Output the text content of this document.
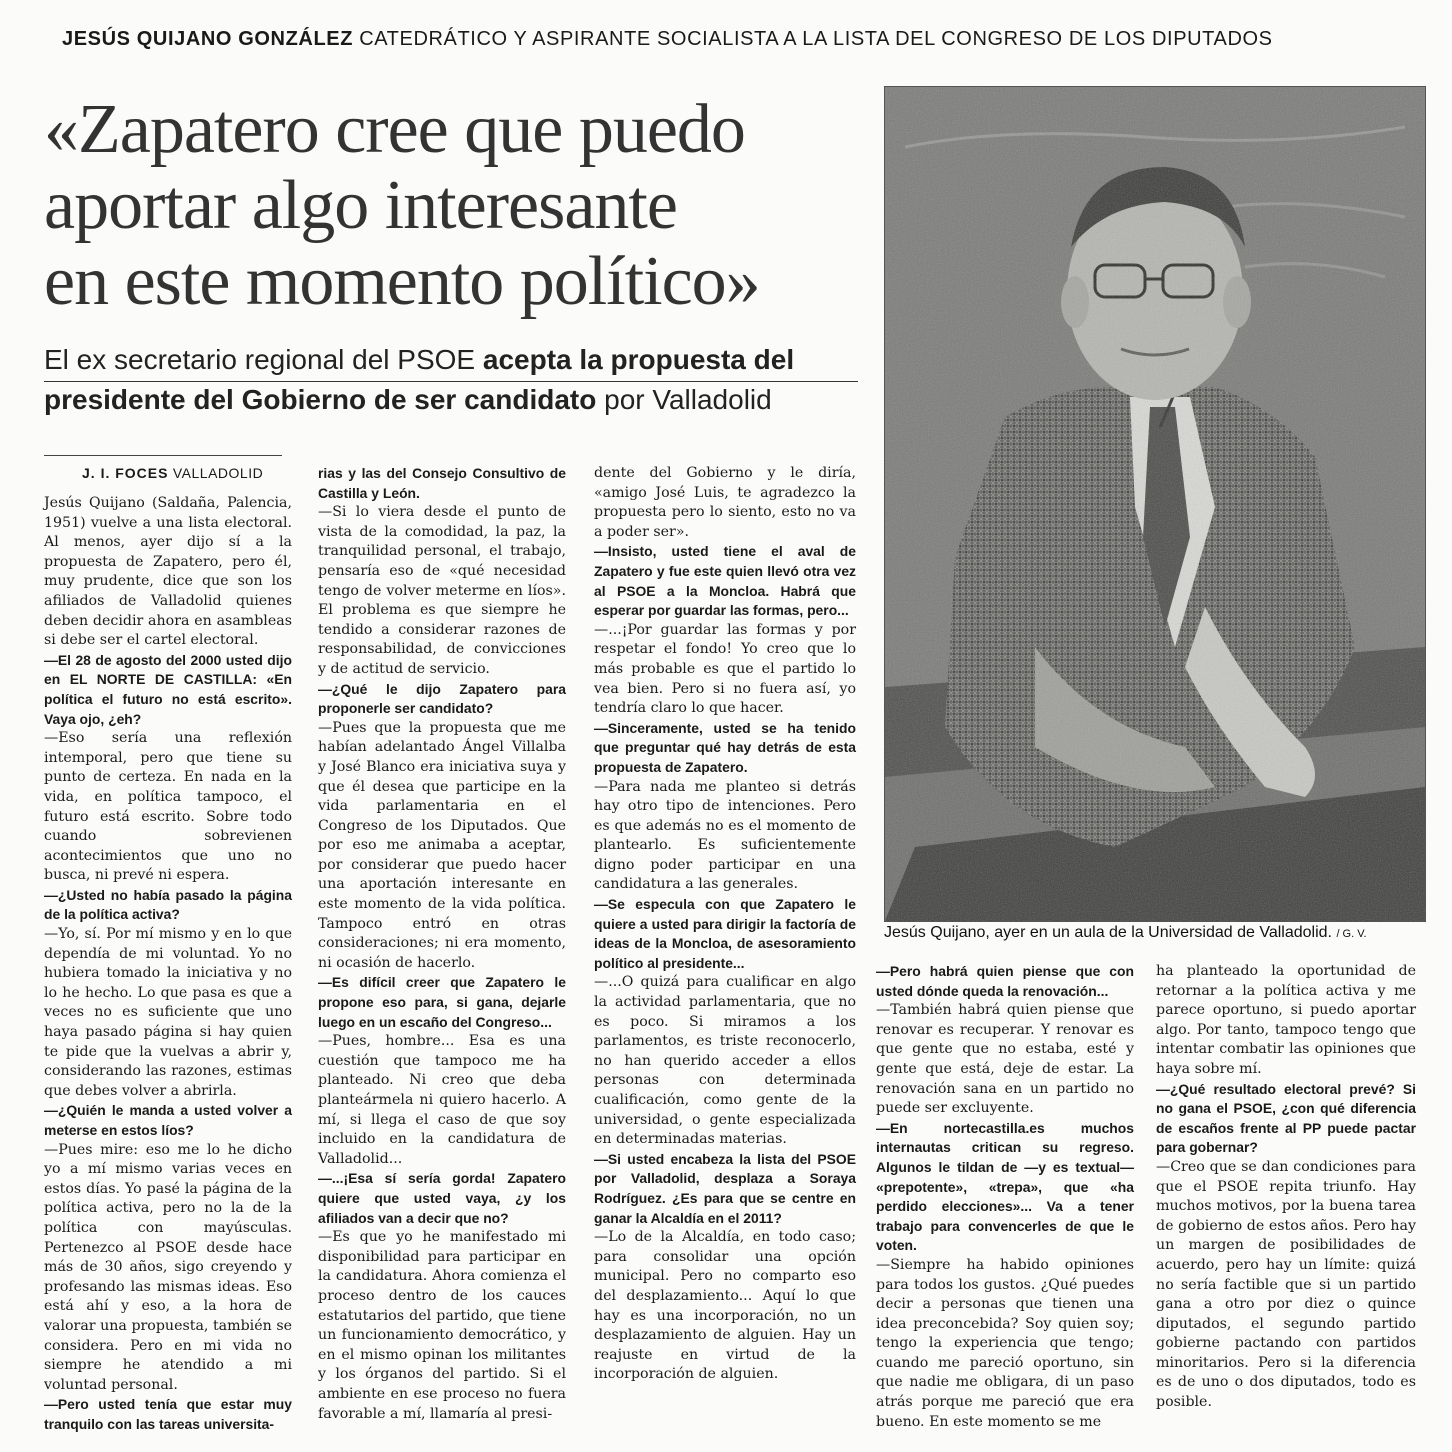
JESÚS QUIJANO GONZÁLEZ CATEDRÁTICO Y ASPIRANTE SOCIALISTA A LA LISTA DEL CONGRESO DE LOS DIPUTADOS
«Zapatero cree que puedo
aportar algo interesante
en este momento político»
El ex secretario regional del PSOE acepta la propuesta del presidente del Gobierno de ser candidato por Valladolid
J. I. FOCES VALLADOLID

Jesús Quijano (Saldaña, Palencia, 1951) vuelve a una lista electoral. Al menos, ayer dijo sí a la propuesta de Zapatero, pero él, muy prudente, dice que son los afiliados de Valladolid quienes deben decidir ahora en asambleas si debe ser el cartel electoral.

—El 28 de agosto del 2000 usted dijo en EL NORTE DE CASTILLA: «En política el futuro no está escrito». Vaya ojo, ¿eh?

—Eso sería una reflexión intemporal, pero que tiene su punto de certeza. En nada en la vida, en política tampoco, el futuro está escrito. Sobre todo cuando sobrevienen acontecimientos que uno no busca, ni prevé ni espera.

—¿Usted no había pasado la página de la política activa?

—Yo, sí. Por mí mismo y en lo que dependía de mi voluntad. Yo no hubiera tomado la iniciativa y no lo he hecho. Lo que pasa es que a veces no es suficiente que uno haya pasado página si hay quien te pide que la vuelvas a abrir y, considerando las razones, estimas que debes volver a abrirla.

—¿Quién le manda a usted volver a meterse en estos líos?

—Pues mire: eso me lo he dicho yo a mí mismo varias veces en estos días. Yo pasé la página de la política activa, pero no la de la política con mayúsculas. Pertenezco al PSOE desde hace más de 30 años, sigo creyendo y profesando las mismas ideas. Eso está ahí y eso, a la hora de valorar una propuesta, también se considera. Pero en mi vida no siempre he atendido a mi voluntad personal.

—Pero usted tenía que estar muy tranquilo con las tareas universita-

rias y las del Consejo Consultivo de Castilla y León.

—Si lo viera desde el punto de vista de la comodidad, la paz, la tranquilidad personal, el trabajo, pensaría eso de «qué necesidad tengo de volver meterme en líos». El problema es que siempre he tendido a considerar razones de responsabilidad, de convicciones y de actitud de servicio.

—¿Qué le dijo Zapatero para proponerle ser candidato?

—Pues que la propuesta que me habían adelantado Ángel Villalba y José Blanco era iniciativa suya y que él desea que participe en la vida parlamentaria en el Congreso de los Diputados. Que por eso me animaba a aceptar, por considerar que puedo hacer una aportación interesante en este momento de la vida política. Tampoco entró en otras consideraciones; ni era momento, ni ocasión de hacerlo.

—Es difícil creer que Zapatero le propone eso para, si gana, dejarle luego en un escaño del Congreso...

—Pues, hombre... Esa es una cuestión que tampoco me ha planteado. Ni creo que deba planteármela ni quiero hacerlo. A mí, si llega el caso de que soy incluido en la candidatura de Valladolid...

—...¡Esa sí sería gorda! Zapatero quiere que usted vaya, ¿y los afiliados van a decir que no?

—Es que yo he manifestado mi disponibilidad para participar en la candidatura. Ahora comienza el proceso dentro de los cauces estatutarios del partido, que tiene un funcionamiento democrático, y en el mismo opinan los militantes y los órganos del partido. Si el ambiente en ese proceso no fuera favorable a mí, llamaría al presi-

dente del Gobierno y le diría, «amigo José Luis, te agradezco la propuesta pero lo siento, esto no va a poder ser».

—Insisto, usted tiene el aval de Zapatero y fue este quien llevó otra vez al PSOE a la Moncloa. Habrá que esperar por guardar las formas, pero...

—...¡Por guardar las formas y por respetar el fondo! Yo creo que lo más probable es que el partido lo vea bien. Pero si no fuera así, yo tendría claro lo que hacer.

—Sinceramente, usted se ha tenido que preguntar qué hay detrás de esta propuesta de Zapatero.

—Para nada me planteo si detrás hay otro tipo de intenciones. Pero es que además no es el momento de plantearlo. Es suficientemente digno poder participar en una candidatura a las generales.

—Se especula con que Zapatero le quiere a usted para dirigir la factoría de ideas de la Moncloa, de asesoramiento político al presidente...

—...O quizá para cualificar en algo la actividad parlamentaria, que no es poco. Si miramos a los parlamentos, es triste reconocerlo, no han querido acceder a ellos personas con determinada cualificación, como gente de la universidad, o gente especializada en determinadas materias.

—Si usted encabeza la lista del PSOE por Valladolid, desplaza a Soraya Rodríguez. ¿Es para que se centre en ganar la Alcaldía en el 2011?

—Lo de la Alcaldía, en todo caso; para consolidar una opción municipal. Pero no comparto eso del desplazamiento... Aquí lo que hay es una incorporación, no un desplazamiento de alguien. Hay un reajuste en virtud de la incorporación de alguien.

Jesús Quijano, ayer en un aula de la Universidad de Valladolid. / G. V.

—Pero habrá quien piense que con usted dónde queda la renovación...

—También habrá quien piense que renovar es recuperar. Y renovar es que gente que no estaba, esté y gente que está, deje de estar. La renovación sana en un partido no puede ser excluyente.

—En nortecastilla.es muchos internautas critican su regreso. Algunos le tildan de —y es textual— «prepotente», «trepa», que «ha perdido elecciones»... Va a tener trabajo para convencerles de que le voten.

—Siempre ha habido opiniones para todos los gustos. ¿Qué puedes decir a personas que tienen una idea preconcebida? Soy quien soy; tengo la experiencia que tengo; cuando me pareció oportuno, sin que nadie me obligara, di un paso atrás porque me pareció que era bueno. En este momento se me

ha planteado la oportunidad de retornar a la política activa y me parece oportuno, si puedo aportar algo. Por tanto, tampoco tengo que intentar combatir las opiniones que haya sobre mí.

—¿Qué resultado electoral prevé? Si no gana el PSOE, ¿con qué diferencia de escaños frente al PP puede pactar para gobernar?

—Creo que se dan condiciones para que el PSOE repita triunfo. Hay muchos motivos, por la buena tarea de gobierno de estos años. Pero hay un margen de posibilidades de acuerdo, pero hay un límite: quizá no sería factible que si un partido gana a otro por diez o quince diputados, el segundo partido gobierne pactando con partidos minoritarios. Pero si la diferencia es de uno o dos diputados, todo es posible.
